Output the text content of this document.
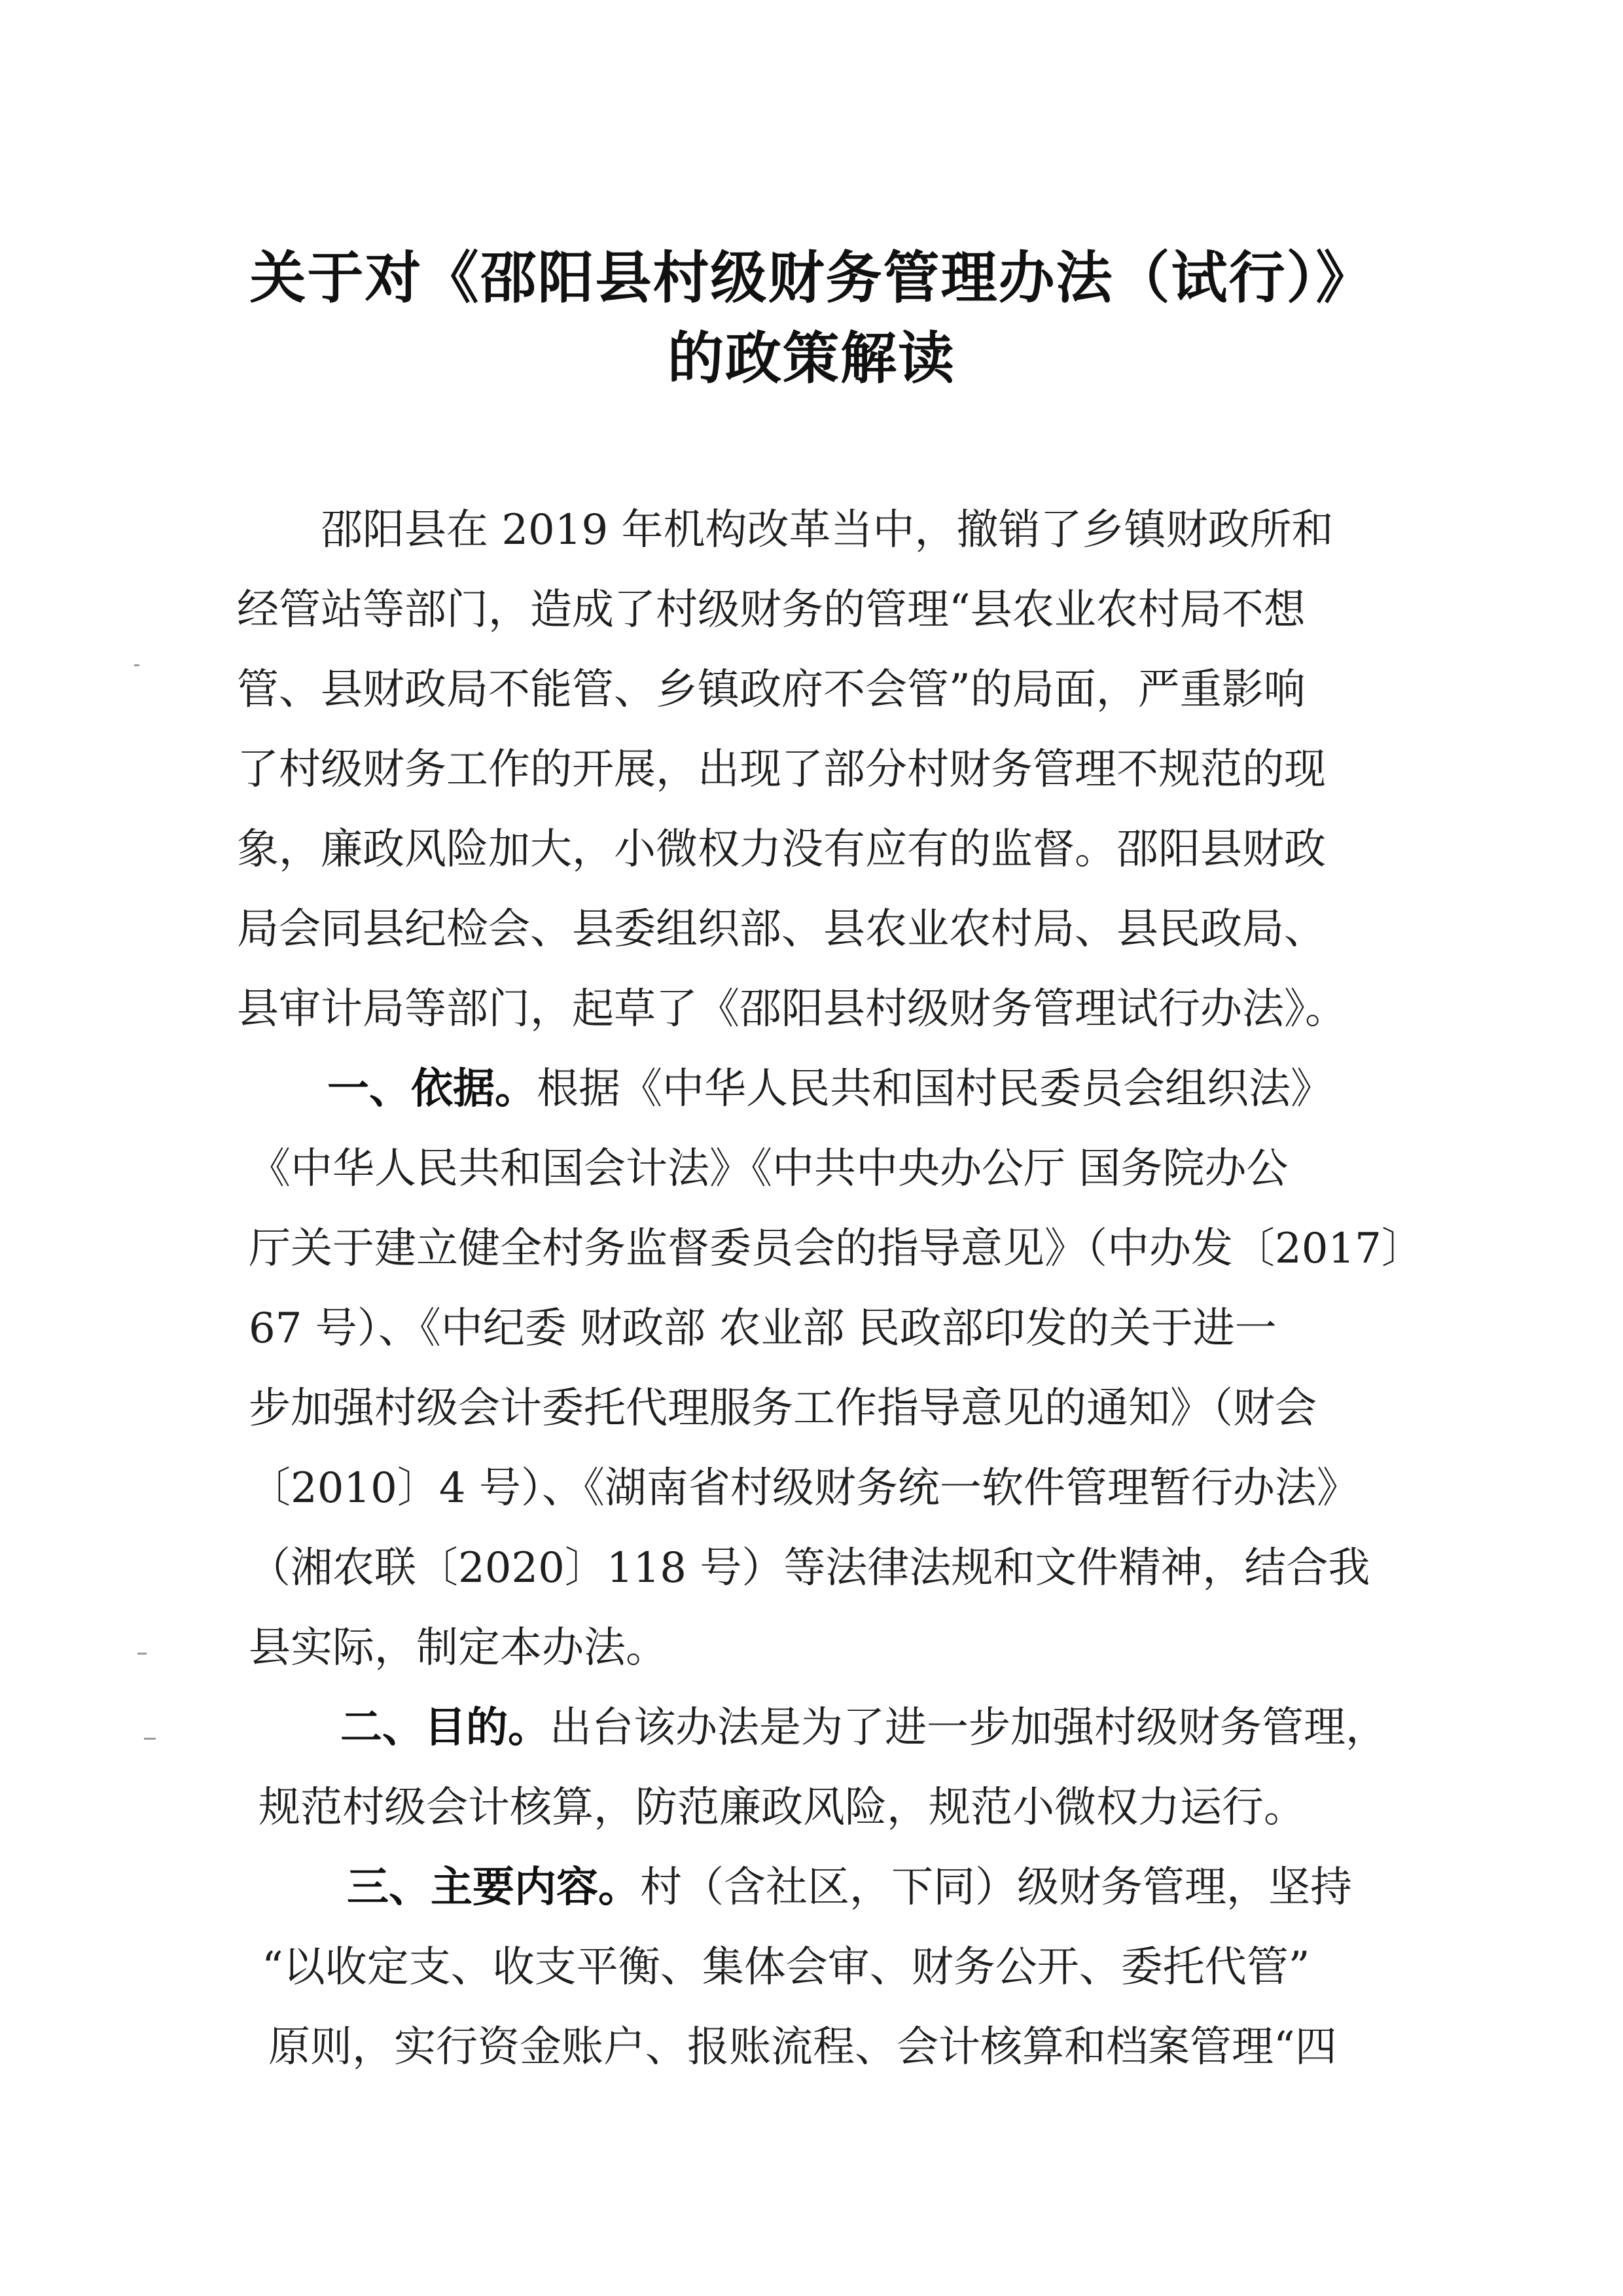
关于对《邵阳县村级财务管理办法（试行）》
的政策解读
邵阳县在 2019 年机构改革当中，撤销了乡镇财政所和
经管站等部门，造成了村级财务的管理“县农业农村局不想
管、县财政局不能管、乡镇政府不会管”的局面，严重影响
了村级财务工作的开展，出现了部分村财务管理不规范的现
象，廉政风险加大，小微权力没有应有的监督。邵阳县财政
局会同县纪检会、县委组织部、县农业农村局、县民政局、
县审计局等部门，起草了《邵阳县村级财务管理试行办法》。
一、依据。根据《中华人民共和国村民委员会组织法》
《中华人民共和国会计法》《中共中央办公厅 国务院办公
厅关于建立健全村务监督委员会的指导意见》（中办发〔2017〕
67 号）、《中纪委 财政部 农业部 民政部印发的关于进一
步加强村级会计委托代理服务工作指导意见的通知》（财会
〔2010〕4 号）、《湖南省村级财务统一软件管理暂行办法》
（湘农联〔2020〕118 号）等法律法规和文件精神，结合我
县实际，制定本办法。
二、目的。出台该办法是为了进一步加强村级财务管理，
规范村级会计核算，防范廉政风险，规范小微权力运行。
三、主要内容。村（含社区，下同）级财务管理，坚持
“以收定支、收支平衡、集体会审、财务公开、委托代管”
原则，实行资金账户、报账流程、会计核算和档案管理“四
